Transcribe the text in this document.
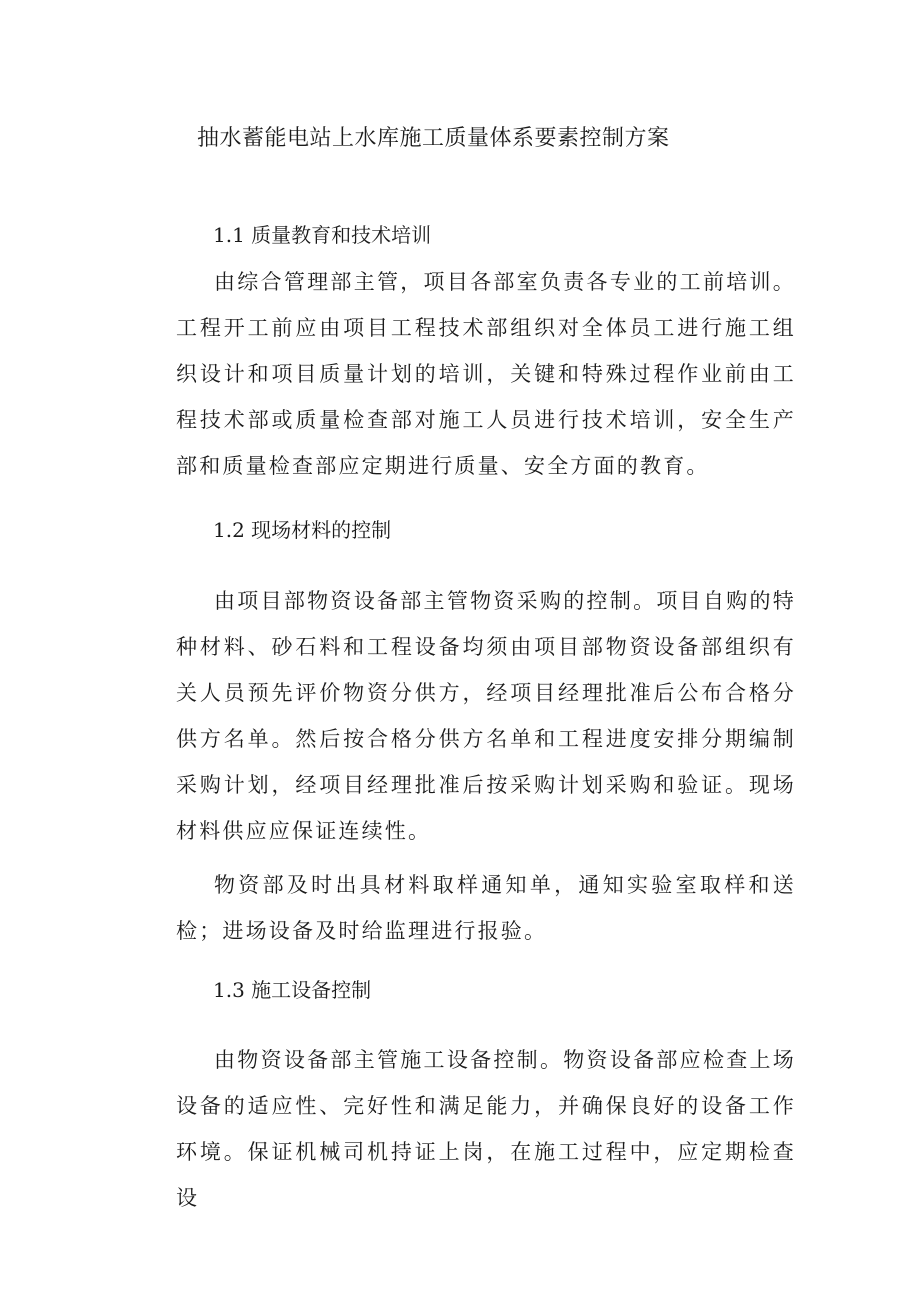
抽水蓄能电站上水库施工质量体系要素控制方案
1.1 质量教育和技术培训

由综合管理部主管，项目各部室负责各专业的工前培训。工程开工前应由项目工程技术部组织对全体员工进行施工组织设计和项目质量计划的培训，关键和特殊过程作业前由工程技术部或质量检查部对施工人员进行技术培训，安全生产部和质量检查部应定期进行质量、安全方面的教育。

1.2 现场材料的控制

由项目部物资设备部主管物资采购的控制。项目自购的特种材料、砂石料和工程设备均须由项目部物资设备部组织有关人员预先评价物资分供方，经项目经理批准后公布合格分供方名单。然后按合格分供方名单和工程进度安排分期编制采购计划，经项目经理批准后按采购计划采购和验证。现场材料供应应保证连续性。

物资部及时出具材料取样通知单，通知实验室取样和送检；进场设备及时给监理进行报验。

1.3 施工设备控制

由物资设备部主管施工设备控制。物资设备部应检查上场设备的适应性、完好性和满足能力，并确保良好的设备工作环境。保证机械司机持证上岗，在施工过程中，应定期检查设
